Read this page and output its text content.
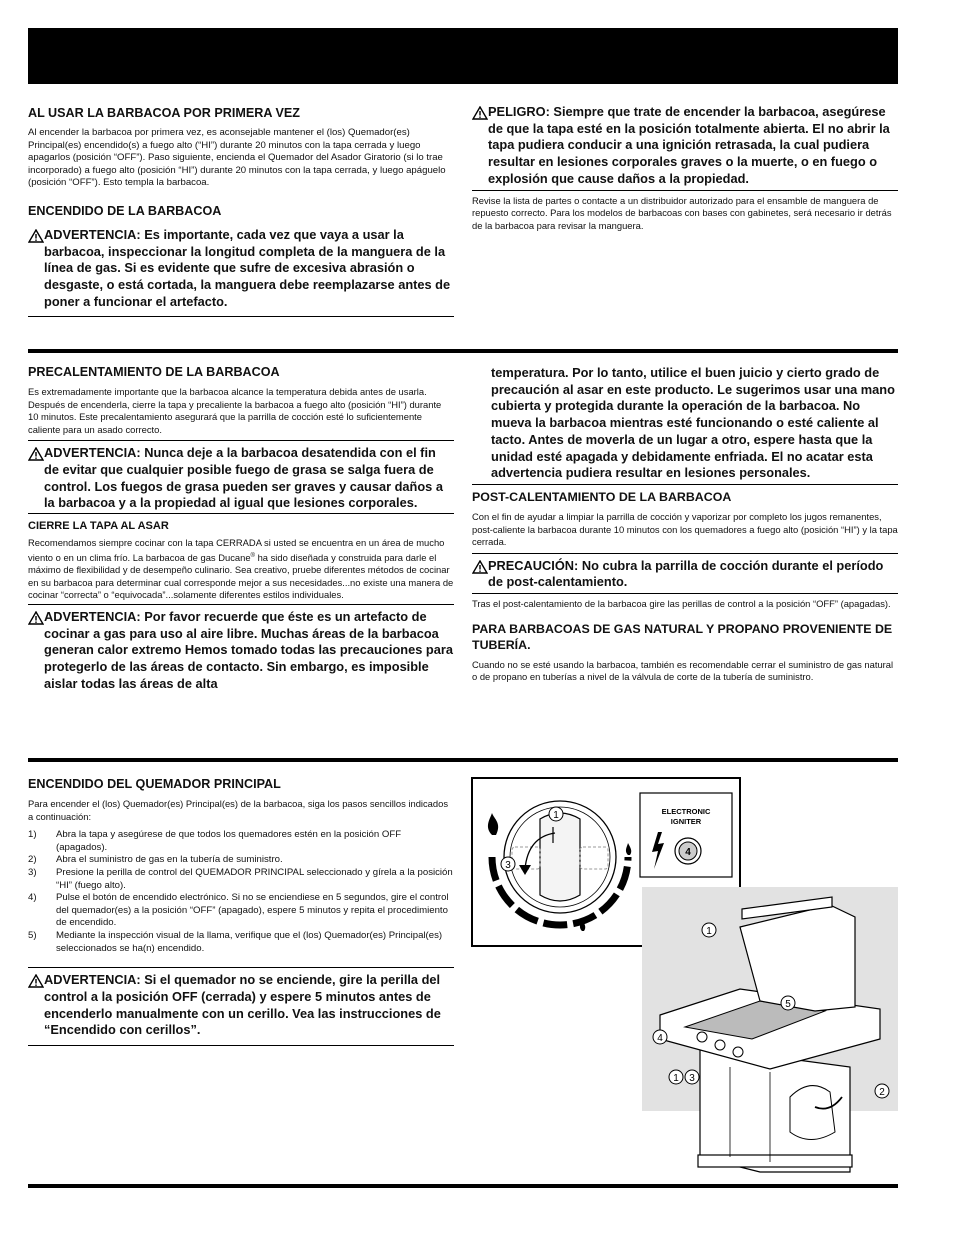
AL USAR LA BARBACOA POR PRIMERA VEZ

Al encender la barbacoa por primera vez, es aconsejable mantener el (los) Quemador(es) Principal(es) encendido(s) a fuego alto (“HI”) durante 20 minutos con la tapa cerrada y luego apagarlos (posición “OFF”). Paso siguiente, encienda el Quemador del Asador Giratorio (si lo trae incorporado) a fuego alto (posición “HI”) durante 20 minutos con la tapa cerrada, y luego apáguelo (posición “OFF”). Esto templa la barbacoa.

ENCENDIDO DE LA BARBACOA
ADVERTENCIA: Es importante, cada vez que vaya a usar la barbacoa, inspeccionar la longitud completa de la manguera de la línea de gas. Si es evidente que sufre de excesiva abrasión o desgaste, o está cortada, la manguera debe reemplazarse antes de poner a funcionar el artefacto.
PELIGRO: Siempre que trate de encender la barbacoa, asegúrese de que la tapa esté en la posición totalmente abierta. El no abrir la tapa pudiera conducir a una ignición retrasada, la cual pudiera resultar en lesiones corporales graves o la muerte, o en fuego o explosión que cause daños a la propiedad.

Revise la lista de partes o contacte a un distribuidor autorizado para el ensamble de manguera de repuesto correcto. Para los modelos de barbacoas con bases con gabinetes, será necesario ir detrás de la barbacoa para revisar la manguera.

PRECALENTAMIENTO DE LA BARBACOA

Es extremadamente importante que la barbacoa alcance la temperatura debida antes de usarla. Después de encenderla, cierre la tapa y precaliente la barbacoa a fuego alto (posición “HI”) durante 10 minutos. Este precalentamiento asegurará que la parrilla de cocción esté lo suficientemente caliente para un asado correcto.

ADVERTENCIA: Nunca deje a la barbacoa desatendida con el fin de evitar que cualquier posible fuego de grasa se salga fuera de control. Los fuegos de grasa pueden ser graves y causar daños a la barbacoa y a la propiedad al igual que lesiones corporales.
CIERRE LA TAPA AL ASAR

Recomendamos siempre cocinar con la tapa CERRADA si usted se encuentra en un área de mucho viento o en un clima frío. La barbacoa de gas Ducane® ha sido diseñada y construida para darle el máximo de flexibilidad y de desempeño culinario. Sea creativo, pruebe diferentes métodos de cocinar en su barbacoa para determinar cual corresponde mejor a sus necesidades...no existe una manera de cocinar “correcta” o “equivocada”...solamente diferentes estilos individuales.

ADVERTENCIA: Por favor recuerde que éste es un artefacto de cocinar a gas para uso al aire libre. Muchas áreas de la barbacoa generan calor extremo Hemos tomado todas las precauciones para protegerlo de las áreas de contacto. Sin embargo, es imposible aislar todas las áreas de alta
temperatura. Por lo tanto, utilice el buen juicio y cierto grado de precaución al asar en este producto. Le sugerimos usar una mano cubierta y protegida durante la operación de la barbacoa. No mueva la barbacoa mientras esté funcionando o esté caliente al tacto. Antes de moverla de un lugar a otro, espere hasta que la unidad esté apagada y debidamente enfriada. El no acatar esta advertencia pudiera resultar en lesiones personales.
POST-CALENTAMIENTO DE LA BARBACOA

Con el fin de ayudar a limpiar la parrilla de cocción y vaporizar por completo los jugos remanentes, post-caliente la barbacoa durante 10 minutos con los quemadores a fuego alto (posición “HI”) y la tapa cerrada.

PRECAUCIÓN: No cubra la parrilla de cocción durante el período de post-calentamiento.

Tras el post-calentamiento de la barbacoa gire las perillas de control a la posición “OFF” (apagadas).

PARA BARBACOAS DE GAS NATURAL Y PROPANO PROVENIENTE DE TUBERÍA.

Cuando no se esté usando la barbacoa, también es recomendable cerrar el suministro de gas natural o de propano en tuberías a nivel de la válvula de corte de la tubería de suministro.

ENCENDIDO DEL QUEMADOR PRINCIPAL

Para encender el (los) Quemador(es) Principal(es) de la barbacoa, siga los pasos sencillos indicados a continuación:

1)	Abra la tapa y asegúrese de que todos los quemadores estén en la posición OFF (apagados).
2)	Abra el suministro de gas en la tubería de suministro.
3)	Presione la perilla de control del QUEMADOR PRINCIPAL seleccionado y gírela a la posición “HI” (fuego alto).
4)	Pulse el botón de encendido electrónico. Si no se enciendiese en 5 segundos, gire el control del quemador(es) a la posición “OFF” (apagado), espere 5 minutos y repita el procedimiento de encendido.
5)	Mediante la inspección visual de la llama, verifique que el (los) Quemador(es) Principal(es) seleccionados se ha(n) encendido.
ADVERTENCIA: Si el quemador no se enciende, gire la perilla del control a la posición OFF (cerrada) y espere 5 minutos antes de encenderlo manualmente con un cerillo. Vea las instrucciones de “Encendido con cerillos”.
1
3
ELECTRONIC
IGNITER
4
1
5
4
1 3
2
